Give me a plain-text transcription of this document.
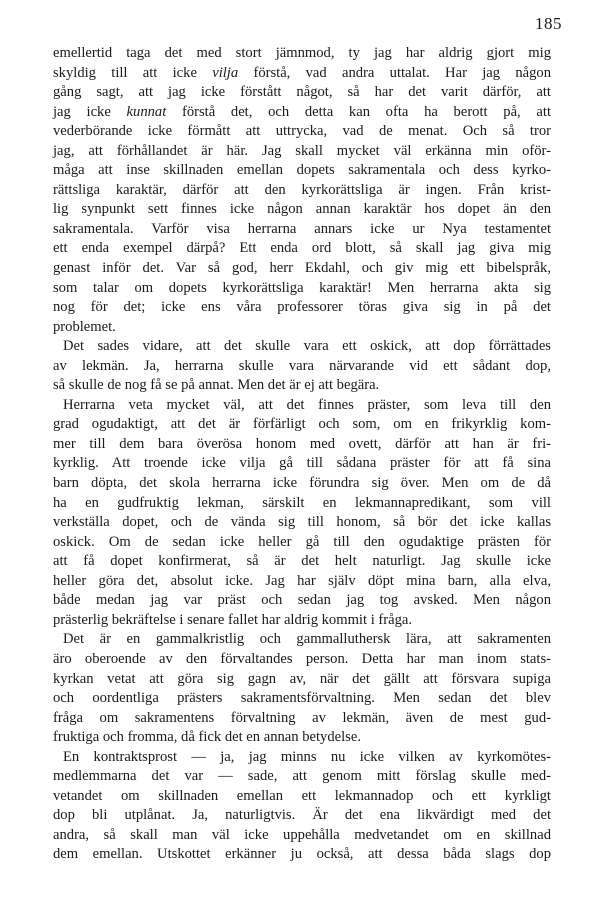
185
emellertid taga det med stort jämnmod, ty jag har aldrig gjort mig
skyldig till att icke vilja förstå, vad andra uttalat. Har jag någon
gång sagt, att jag icke förstått något, så har det varit därför, att
jag icke kunnat förstå det, och detta kan ofta ha berott på, att
vederbörande icke förmått att uttrycka, vad de menat. Och så tror
jag, att förhållandet är här. Jag skall mycket väl erkänna min oför-
måga att inse skillnaden emellan dopets sakramentala och dess kyrko-
rättsliga karaktär, därför att den kyrkorättsliga är ingen. Från krist-
lig synpunkt sett finnes icke någon annan karaktär hos dopet än den
sakramentala. Varför visa herrarna annars icke ur Nya testamentet
ett enda exempel därpå? Ett enda ord blott, så skall jag giva mig
genast inför det. Var så god, herr Ekdahl, och giv mig ett bibelspråk,
som talar om dopets kyrkorättsliga karaktär! Men herrarna akta sig
nog för det; icke ens våra professorer töras giva sig in på det
problemet.
Det sades vidare, att det skulle vara ett oskick, att dop förrättades
av lekmän. Ja, herrarna skulle vara närvarande vid ett sådant dop,
så skulle de nog få se på annat. Men det är ej att begära.
Herrarna veta mycket väl, att det finnes präster, som leva till den
grad ogudaktigt, att det är förfärligt och som, om en frikyrklig kom-
mer till dem bara överösa honom med ovett, därför att han är fri-
kyrklig. Att troende icke vilja gå till sådana präster för att få sina
barn döpta, det skola herrarna icke förundra sig över. Men om de då
ha en gudfruktig lekman, särskilt en lekmannapredikant, som vill
verkställa dopet, och de vända sig till honom, så bör det icke kallas
oskick. Om de sedan icke heller gå till den ogudaktige prästen för
att få dopet konfirmerat, så är det helt naturligt. Jag skulle icke
heller göra det, absolut icke. Jag har själv döpt mina barn, alla elva,
både medan jag var präst och sedan jag tog avsked. Men någon
prästerlig bekräftelse i senare fallet har aldrig kommit i fråga.
Det är en gammalkristlig och gammalluthersk lära, att sakramenten
äro oberoende av den förvaltandes person. Detta har man inom stats-
kyrkan vetat att göra sig gagn av, när det gällt att försvara supiga
och oordentliga prästers sakramentsförvaltning. Men sedan det blev
fråga om sakramentens förvaltning av lekmän, även de mest gud-
fruktiga och fromma, då fick det en annan betydelse.
En kontraktsprost — ja, jag minns nu icke vilken av kyrkomötes-
medlemmarna det var — sade, att genom mitt förslag skulle med-
vetandet om skillnaden emellan ett lekmannadop och ett kyrkligt
dop bli utplånat. Ja, naturligtvis. Är det ena likvärdigt med det
andra, så skall man väl icke uppehålla medvetandet om en skillnad
dem emellan. Utskottet erkänner ju också, att dessa båda slags dop
